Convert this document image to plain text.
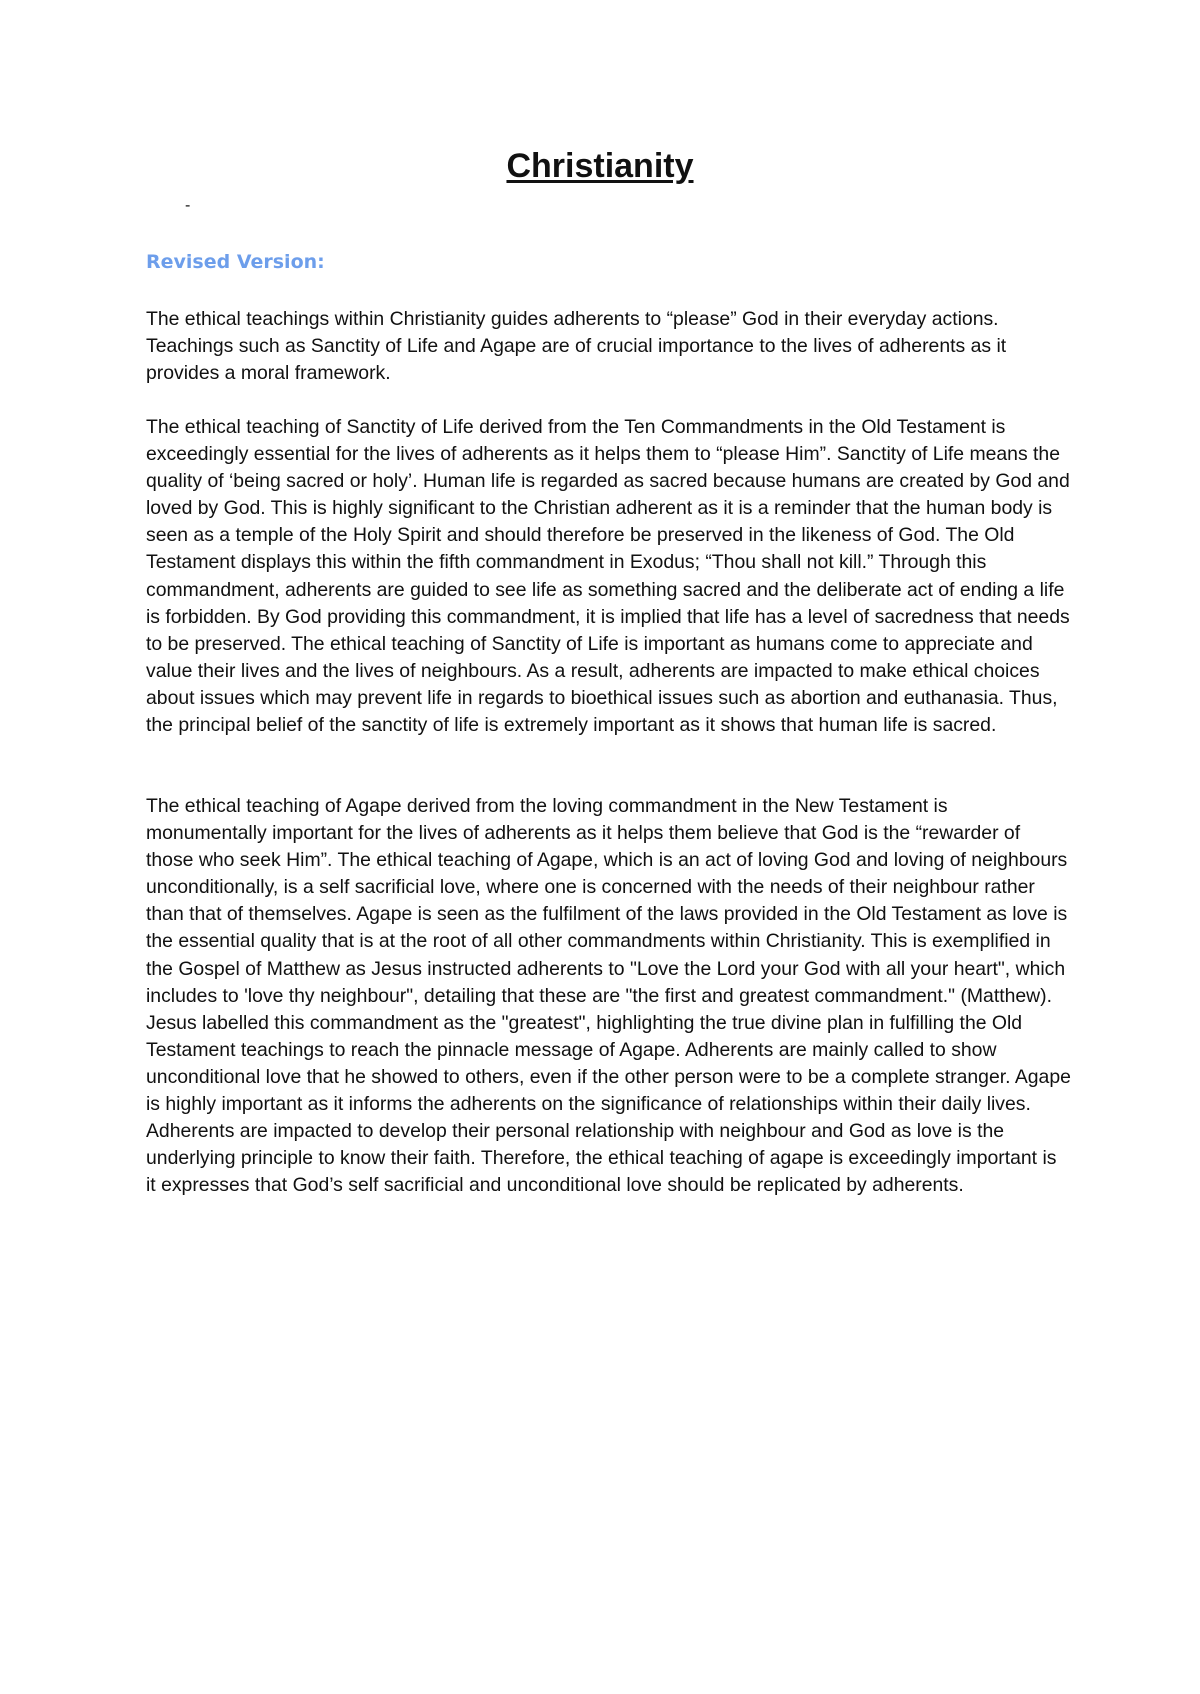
Christianity
-
Revised Version:

The ethical teachings within Christianity guides adherents to “please” God in their everyday actions. Teachings such as Sanctity of Life and Agape are of crucial importance to the lives of adherents as it provides a moral framework.

The ethical teaching of Sanctity of Life derived from the Ten Commandments in the Old Testament is exceedingly essential for the lives of adherents as it helps them to “please Him”. Sanctity of Life means the quality of ‘being sacred or holy’. Human life is regarded as sacred because humans are created by God and loved by God. This is highly significant to the Christian adherent as it is a reminder that the human body is seen as a temple of the Holy Spirit and should therefore be preserved in the likeness of God. The Old Testament displays this within the fifth commandment in Exodus; “Thou shall not kill.” Through this commandment, adherents are guided to see life as something sacred and the deliberate act of ending a life is forbidden. By God providing this commandment, it is implied that life has a level of sacredness that needs to be preserved. The ethical teaching of Sanctity of Life is important as humans come to appreciate and value their lives and the lives of neighbours. As a result, adherents are impacted to make ethical choices about issues which may prevent life in regards to bioethical issues such as abortion and euthanasia. Thus, the principal belief of the sanctity of life is extremely important as it shows that human life is sacred.

The ethical teaching of Agape derived from the loving commandment in the New Testament is monumentally important for the lives of adherents as it helps them believe that God is the “rewarder of those who seek Him”. The ethical teaching of Agape, which is an act of loving God and loving of neighbours unconditionally, is a self sacrificial love, where one is concerned with the needs of their neighbour rather than that of themselves. Agape is seen as the fulfilment of the laws provided in the Old Testament as love is the essential quality that is at the root of all other commandments within Christianity. This is exemplified in the Gospel of Matthew as Jesus instructed adherents to "Love the Lord your God with all your heart", which includes to 'love thy neighbour", detailing that these are "the first and greatest commandment." (Matthew). Jesus labelled this commandment as the "greatest", highlighting the true divine plan in fulfilling the Old Testament teachings to reach the pinnacle message of Agape. Adherents are mainly called to show unconditional love that he showed to others, even if the other person were to be a complete stranger. Agape is highly important as it informs the adherents on the significance of relationships within their daily lives. Adherents are impacted to develop their personal relationship with neighbour and God as love is the underlying principle to know their faith. Therefore, the ethical teaching of agape is exceedingly important is it expresses that God’s self sacrificial and unconditional love should be replicated by adherents.
